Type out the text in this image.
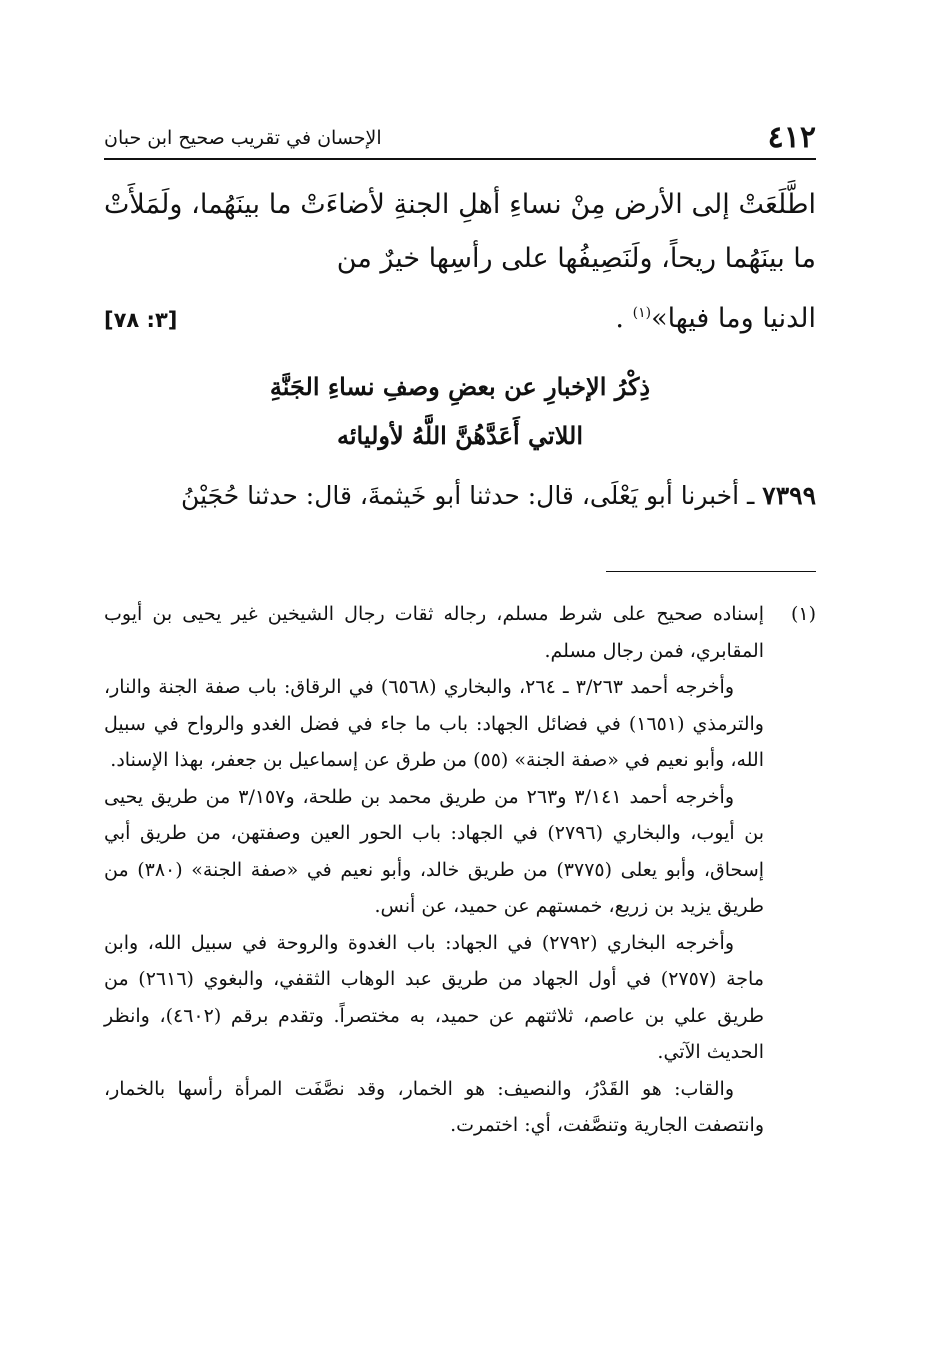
٤١٢
الإحسان في تقريب صحيح ابن حبان
اطَّلَعَتْ إلى الأرض مِنْ نساءِ أهلِ الجنةِ لأضاءَتْ ما بينَهُما، ولَمَلأَتْ ما بينَهُما ريحاً، ولَنَصِيفُها على رأسِها خيرٌ من
الدنيا وما فيها»$^{(١)}$ .
[٣: ٧٨]
ذِكْرُ الإخبارِ عن بعضِ وصفِ نساءِ الجَنَّةِ
اللاتي أَعَدَّهُنَّ اللَّهُ لأوليائه
٧٣٩٩ ـ أخبرنا أبو يَعْلَى، قال: حدثنا أبو خَيثمةَ، قال: حدثنا حُجَيْنُ
(١)

إسناده صحيح على شرط مسلم، رجاله ثقات رجال الشيخين غير يحيى بن أيوب المقابري، فمن رجال مسلم.

وأخرجه أحمد ٣/٢٦٣ ـ ٢٦٤، والبخاري (٦٥٦٨) في الرقاق: باب صفة الجنة والنار، والترمذي (١٦٥١) في فضائل الجهاد: باب ما جاء في فضل الغدو والرواح في سبيل الله، وأبو نعيم في «صفة الجنة» (٥٥) من طرق عن إسماعيل بن جعفر، بهذا الإسناد.

وأخرجه أحمد ٣/١٤١ و٢٦٣ من طريق محمد بن طلحة، و٣/١٥٧ من طريق يحيى بن أيوب، والبخاري (٢٧٩٦) في الجهاد: باب الحور العين وصفتهن، من طريق أبي إسحاق، وأبو يعلى (٣٧٧٥) من طريق خالد، وأبو نعيم في «صفة الجنة» (٣٨٠) من طريق يزيد بن زريع، خمستهم عن حميد، عن أنس.

وأخرجه البخاري (٢٧٩٢) في الجهاد: باب الغدوة والروحة في سبيل الله، وابن ماجة (٢٧٥٧) في أول الجهاد من طريق عبد الوهاب الثقفي، والبغوي (٢٦١٦) من طريق علي بن عاصم، ثلاثتهم عن حميد، به مختصراً. وتقدم برقم (٤٦٠٢)، وانظر الحديث الآتي.

والقاب: هو القَدْرُ، والنصيف: هو الخمار، وقد نصَّفَت المرأة رأسها بالخمار، وانتصفت الجارية وتنصَّفت، أي: اختمرت.
